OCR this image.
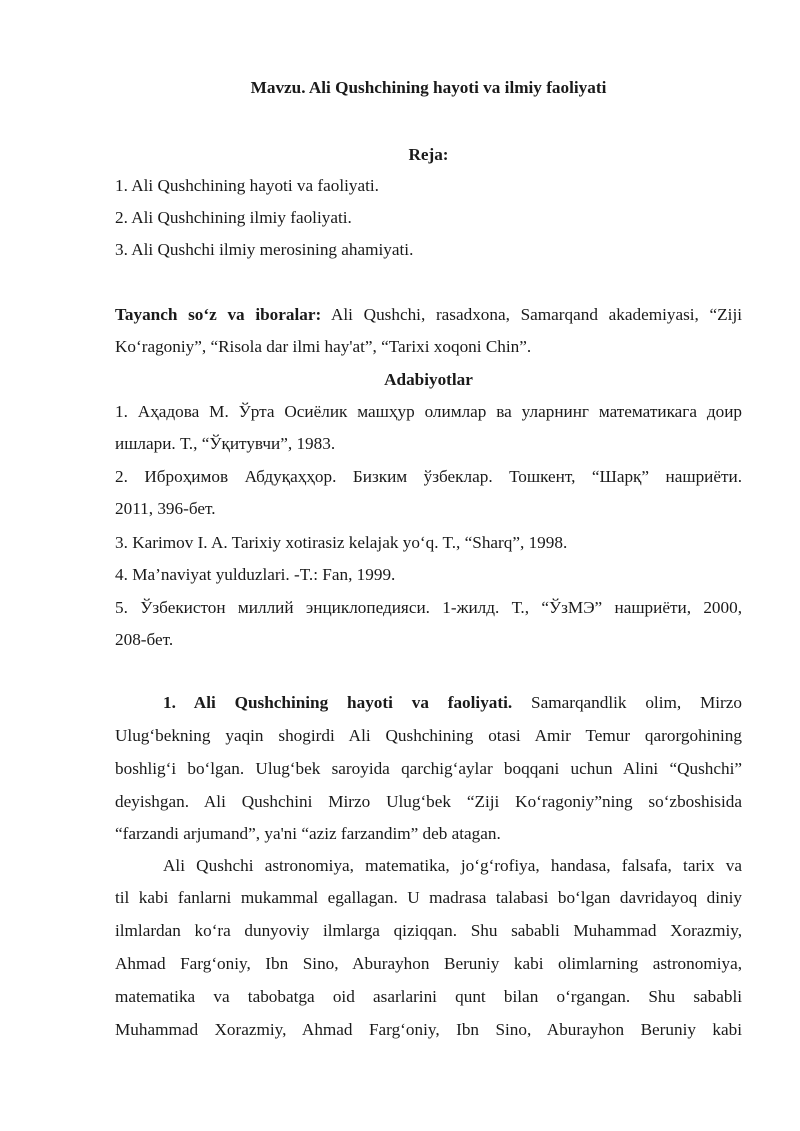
Mavzu. Ali Qushchining hayoti va ilmiy faoliyati
Reja:
1. Ali Qushchining hayoti va faoliyati.
2. Ali Qushchining ilmiy faoliyati.
3. Ali Qushchi ilmiy merosining ahamiyati.
Tayanch so‘z va iboralar: Ali Qushchi, rasadxona, Samarqand akademiyasi, “Ziji
Ko‘ragoniy”, “Risola dar ilmi hay'at”, “Tarixi xoqoni Chin”.
Adabiyotlar
1. Аҳадова М. Ўрта Осиёлик машҳур олимлар ва уларнинг математикага доир
ишлари. Т., “Ўқитувчи”, 1983.
2. Иброҳимов Абдуқаҳҳор. Бизким ўзбеклар. Тошкент, “Шарқ” нашриёти.
2011, 396-бет.
3. Karimov I. A. Tarixiy xotirasiz kelajak yo‘q. T., “Sharq”, 1998.
4. Ma’naviyat yulduzlari. -T.: Fan, 1999.
5. Ўзбекистон миллий энциклопедияси. 1-жилд. Т., “ЎзМЭ” нашриёти, 2000,
208-бет.
1. Ali Qushchining hayoti va faoliyati. Samarqandlik olim, Mirzo
Ulug‘bekning yaqin shogirdi Ali Qushchining otasi Amir Temur qarorgohining
boshlig‘i bo‘lgan. Ulug‘bek saroyida qarchig‘aylar boqqani uchun Alini “Qushchi”
deyishgan. Ali Qushchini Mirzo Ulug‘bek “Ziji Ko‘ragoniy”ning so‘zboshisida
“farzandi arjumand”, ya'ni “aziz farzandim” deb atagan.
Ali Qushchi astronomiya, matematika, jo‘g‘rofiya, handasa, falsafa, tarix va
til kabi fanlarni mukammal egallagan. U madrasa talabasi bo‘lgan davridayoq diniy
ilmlardan ko‘ra dunyoviy ilmlarga qiziqqan. Shu sababli Muhammad Xorazmiy,
Ahmad Farg‘oniy, Ibn Sino, Aburayhon Beruniy kabi olimlarning astronomiya,
matematika va tabobatga oid asarlarini qunt bilan o‘rgangan. Shu sababli
Muhammad Xorazmiy, Ahmad Farg‘oniy, Ibn Sino, Aburayhon Beruniy kabi
